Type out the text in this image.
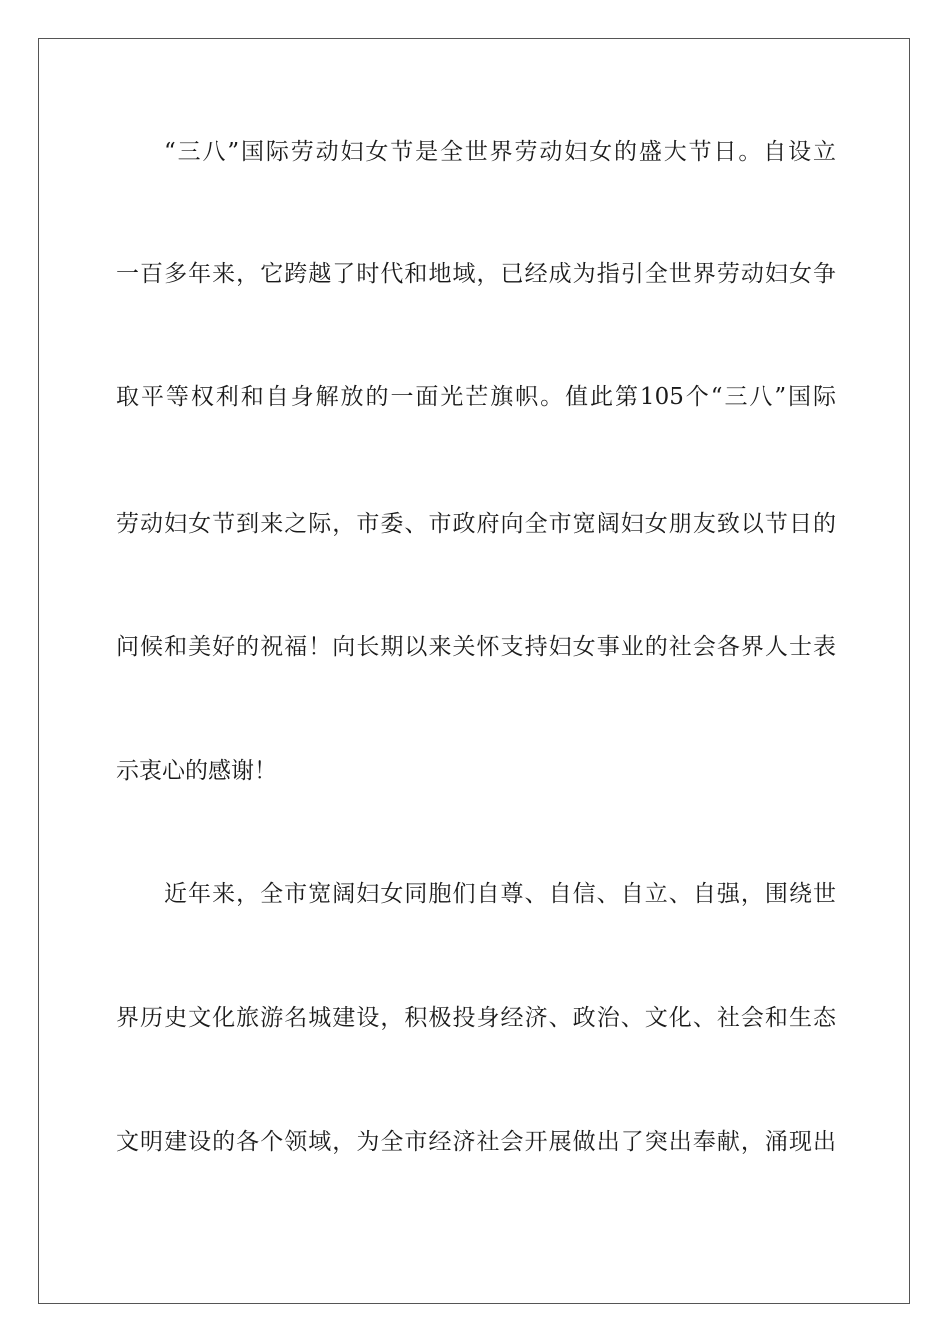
“三八”国际劳动妇女节是全世界劳动妇女的盛大节日。自设立
一百多年来，它跨越了时代和地域，已经成为指引全世界劳动妇女争
取平等权利和自身解放的一面光芒旗帜。值此第105个“三八”国际
劳动妇女节到来之际，市委、市政府向全市宽阔妇女朋友致以节日的
问候和美好的祝福！向长期以来关怀支持妇女事业的社会各界人士表
示衷心的感谢！
近年来，全市宽阔妇女同胞们自尊、自信、自立、自强，围绕世
界历史文化旅游名城建设，积极投身经济、政治、文化、社会和生态
文明建设的各个领域，为全市经济社会开展做出了突出奉献，涌现出
